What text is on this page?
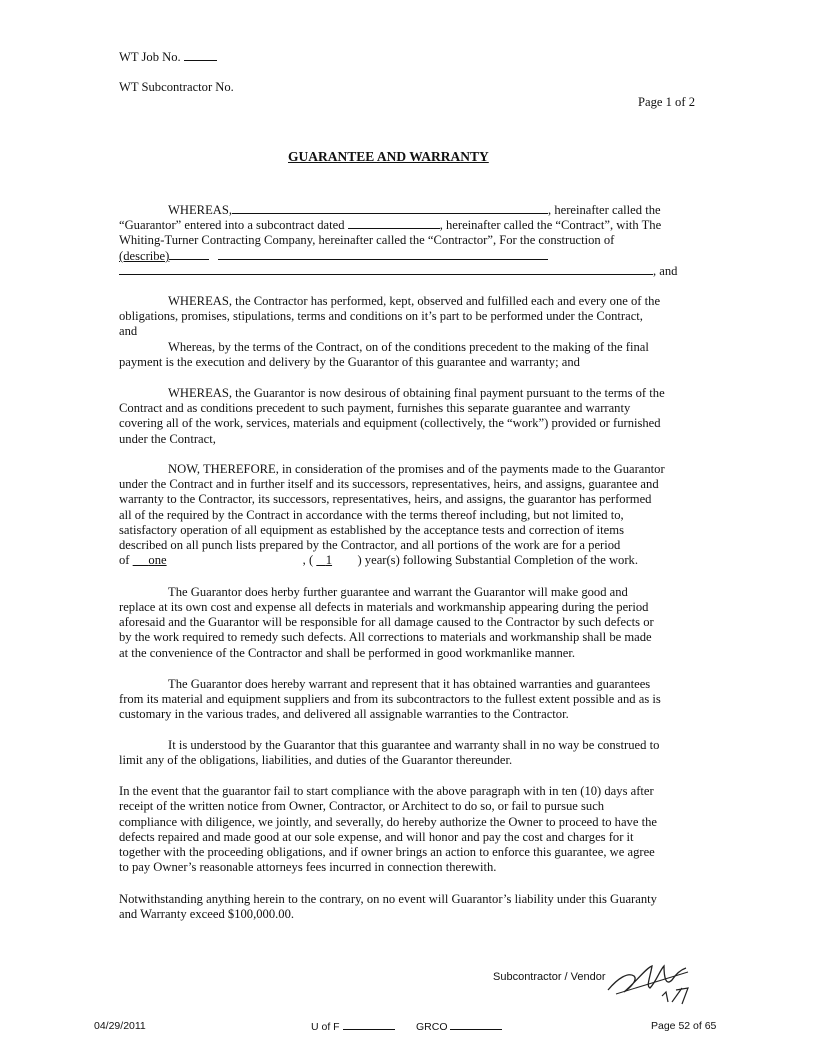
WT Job No.
WT Subcontractor No.
Page 1 of 2
GUARANTEE AND WARRANTY
WHEREAS,	, hereinafter called the
“Guarantor” entered into a subcontract dated	, hereinafter called the “Contract”, with The
Whiting-Turner Contracting Company, hereinafter called the “Contractor”, For the construction of
(describe)
, and
WHEREAS, the Contractor has performed, kept, observed and fulfilled each and every one of the
obligations, promises, stipulations, terms and conditions on it’s part to be performed under the Contract,
and
Whereas, by the terms of the Contract, on of the conditions precedent to the making of the final
payment is the execution and delivery by the Guarantor of this guarantee and warranty; and
WHEREAS, the Guarantor is now desirous of obtaining final payment pursuant to the terms of the
Contract and as conditions precedent to such payment, furnishes this separate guarantee and warranty
covering all of the work, services, materials and equipment (collectively, the “work”) provided or furnished
under the Contract,
NOW, THEREFORE, in consideration of the promises and of the payments made to the Guarantor
under the Contract and in further itself and its successors, representatives, heirs, and assigns, guarantee and
warranty to the Contractor, its successors, representatives, heirs, and assigns, the guarantor has performed
all of the required by the Contract in accordance with the terms thereof including, but not limited to,
satisfactory operation of all equipment as established by the acceptance tests and correction of items
described on all punch lists prepared by the Contractor, and all portions of the work are for a period
of one	, ( 1 ) year(s) following Substantial Completion of the work.
The Guarantor does herby further guarantee and warrant the Guarantor will make good and
replace at its own cost and expense all defects in materials and workmanship appearing during the period
aforesaid and the Guarantor will be responsible for all damage caused to the Contractor by such defects or
by the work required to remedy such defects. All corrections to materials and workmanship shall be made
at the convenience of the Contractor and shall be performed in good workmanlike manner.
The Guarantor does hereby warrant and represent that it has obtained warranties and guarantees
from its material and equipment suppliers and from its subcontractors to the fullest extent possible and as is
customary in the various trades, and delivered all assignable warranties to the Contractor.
It is understood by the Guarantor that this guarantee and warranty shall in no way be construed to
limit any of the obligations, liabilities, and duties of the Guarantor thereunder.
In the event that the guarantor fail to start compliance with the above paragraph with in ten (10) days after
receipt of the written notice from Owner, Contractor, or Architect to do so, or fail to pursue such
compliance with diligence, we jointly, and severally, do hereby authorize the Owner to proceed to have the
defects repaired and made good at our sole expense, and will honor and pay the cost and charges for it
together with the proceeding obligations, and if owner brings an action to enforce this guarantee, we agree
to pay Owner’s reasonable attorneys fees incurred in connection therewith.
Notwithstanding anything herein to the contrary, on no event will Guarantor’s liability under this Guaranty
and Warranty exceed $100,000.00.
Subcontractor / Vendor
04/29/2011	U of F	GRCO	Page 52 of 65
